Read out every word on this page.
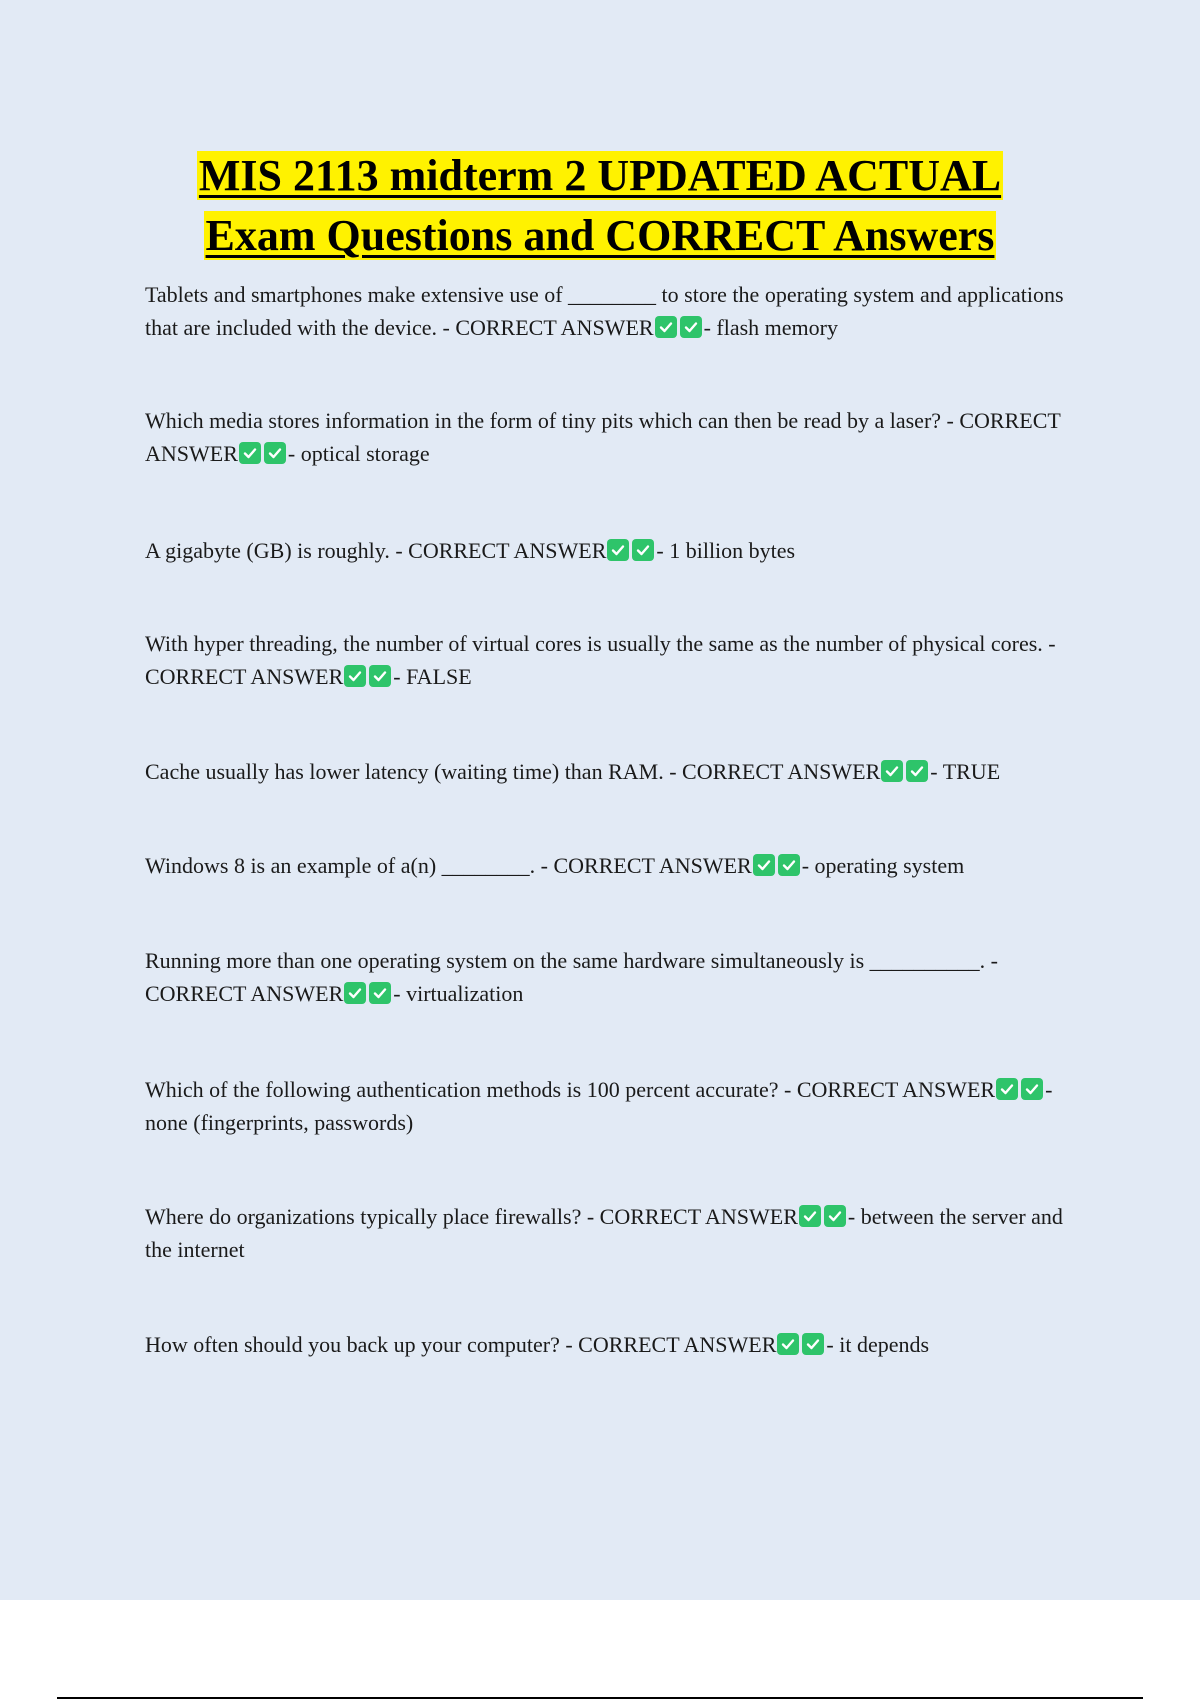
MIS 2113 midterm 2 UPDATED ACTUAL
Exam Questions and CORRECT Answers

Tablets and smartphones make extensive use of ________ to store the operating system and applications that are included with the device. - CORRECT ANSWER - flash memory

Which media stores information in the form of tiny pits which can then be read by a laser? - CORRECT ANSWER - optical storage

A gigabyte (GB) is roughly. - CORRECT ANSWER - 1 billion bytes

With hyper threading, the number of virtual cores is usually the same as the number of physical cores. - CORRECT ANSWER - FALSE

Cache usually has lower latency (waiting time) than RAM. - CORRECT ANSWER - TRUE

Windows 8 is an example of a(n) ________. - CORRECT ANSWER - operating system

Running more than one operating system on the same hardware simultaneously is __________. - CORRECT ANSWER - virtualization

Which of the following authentication methods is 100 percent accurate? - CORRECT ANSWER - none (fingerprints, passwords)

Where do organizations typically place firewalls? - CORRECT ANSWER - between the server and the internet

How often should you back up your computer? - CORRECT ANSWER - it depends
